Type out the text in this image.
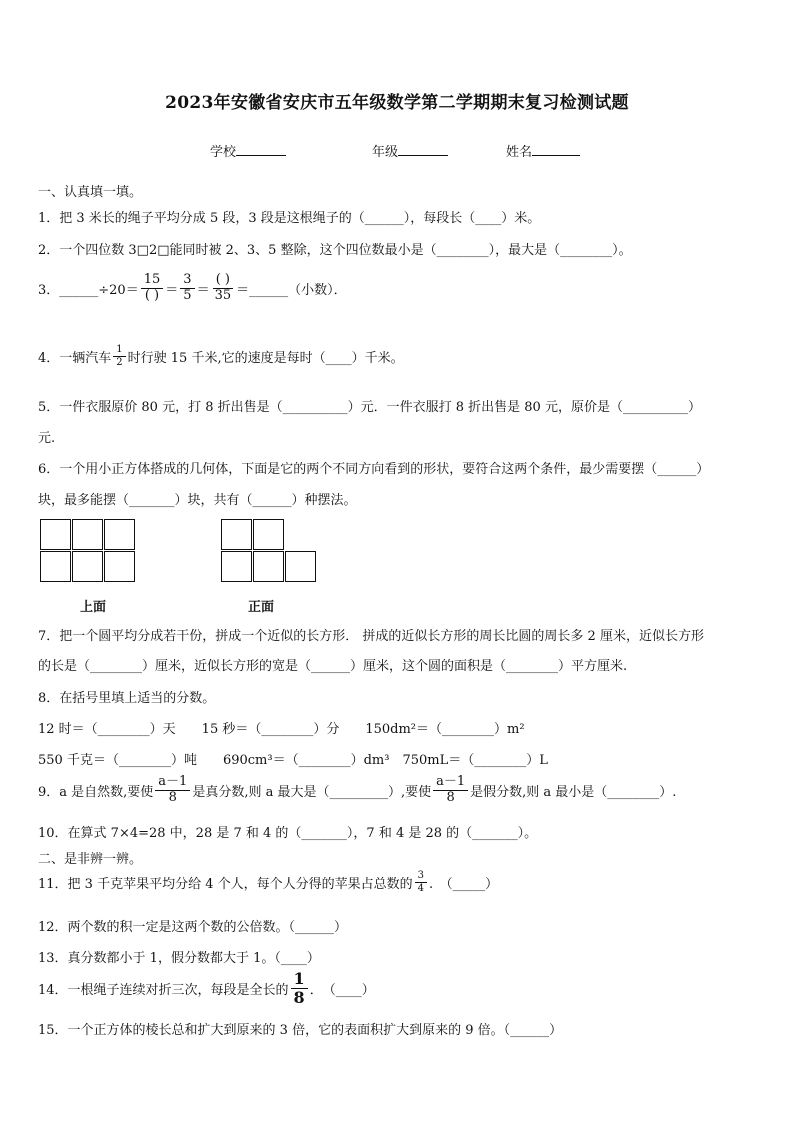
2023年安徽省安庆市五年级数学第二学期期末复习检测试题
学校	年级	姓名
一、认真填一填。
1．把 3 米长的绳子平均分成 5 段，3 段是这根绳子的（______），每段长（____）米。
2．一个四位数 3□2□能同时被 2、3、5 整除，这个四位数最小是（________），最大是（________）。
3．______÷20＝ $\frac{15}{( )} = \frac{3}{5} = \frac{( )}{35}$ ＝______（小数）．
4．一辆汽车 $\frac{1}{2}$ 时行驶 15 千米,它的速度是每时（____）千米。
5．一件衣服原价 80 元，打 8 折出售是（__________）元．一件衣服打 8 折出售是 80 元，原价是（__________）
元.
6．一个用小正方体搭成的几何体，下面是它的两个不同方向看到的形状，要符合这两个条件，最少需要摆（______）
块，最多能摆（_______）块，共有（______）种摆法。
上面	正面
7．把一个圆平均分成若干份，拼成一个近似的长方形． 拼成的近似长方形的周长比圆的周长多 2 厘米，近似长方形
的长是（________）厘米，近似长方形的宽是（______）厘米，这个圆的面积是（________）平方厘米.
8．在括号里填上适当的分数。
12 时＝（________）天　　15 秒＝（________）分　　150dm²＝（________）m²
550 千克＝（________）吨　　690cm³＝（________）dm³　750mL＝（________）L
9．a 是自然数,要使 $\frac{a-1}{8}$ 是真分数,则 a 最大是（_________）,要使 $\frac{a-1}{8}$ 是假分数,则 a 最小是（________）.
10．在算式 7×4=28 中，28 是 7 和 4 的（_______），7 和 4 是 28 的（_______）。
二、是非辨一辨。
11．把 3 千克苹果平均分给 4 个人，每个人分得的苹果占总数的 $\frac{3}{4}$ .　（_____）
12．两个数的积一定是这两个数的公倍数。（______）
13．真分数都小于 1，假分数都大于 1。（____）
14．一根绳子连续对折三次，每段是全长的 $\frac{1}{8}$ ．　（____）
15．一个正方体的棱长总和扩大到原来的 3 倍，它的表面积扩大到原来的 9 倍。（______）
